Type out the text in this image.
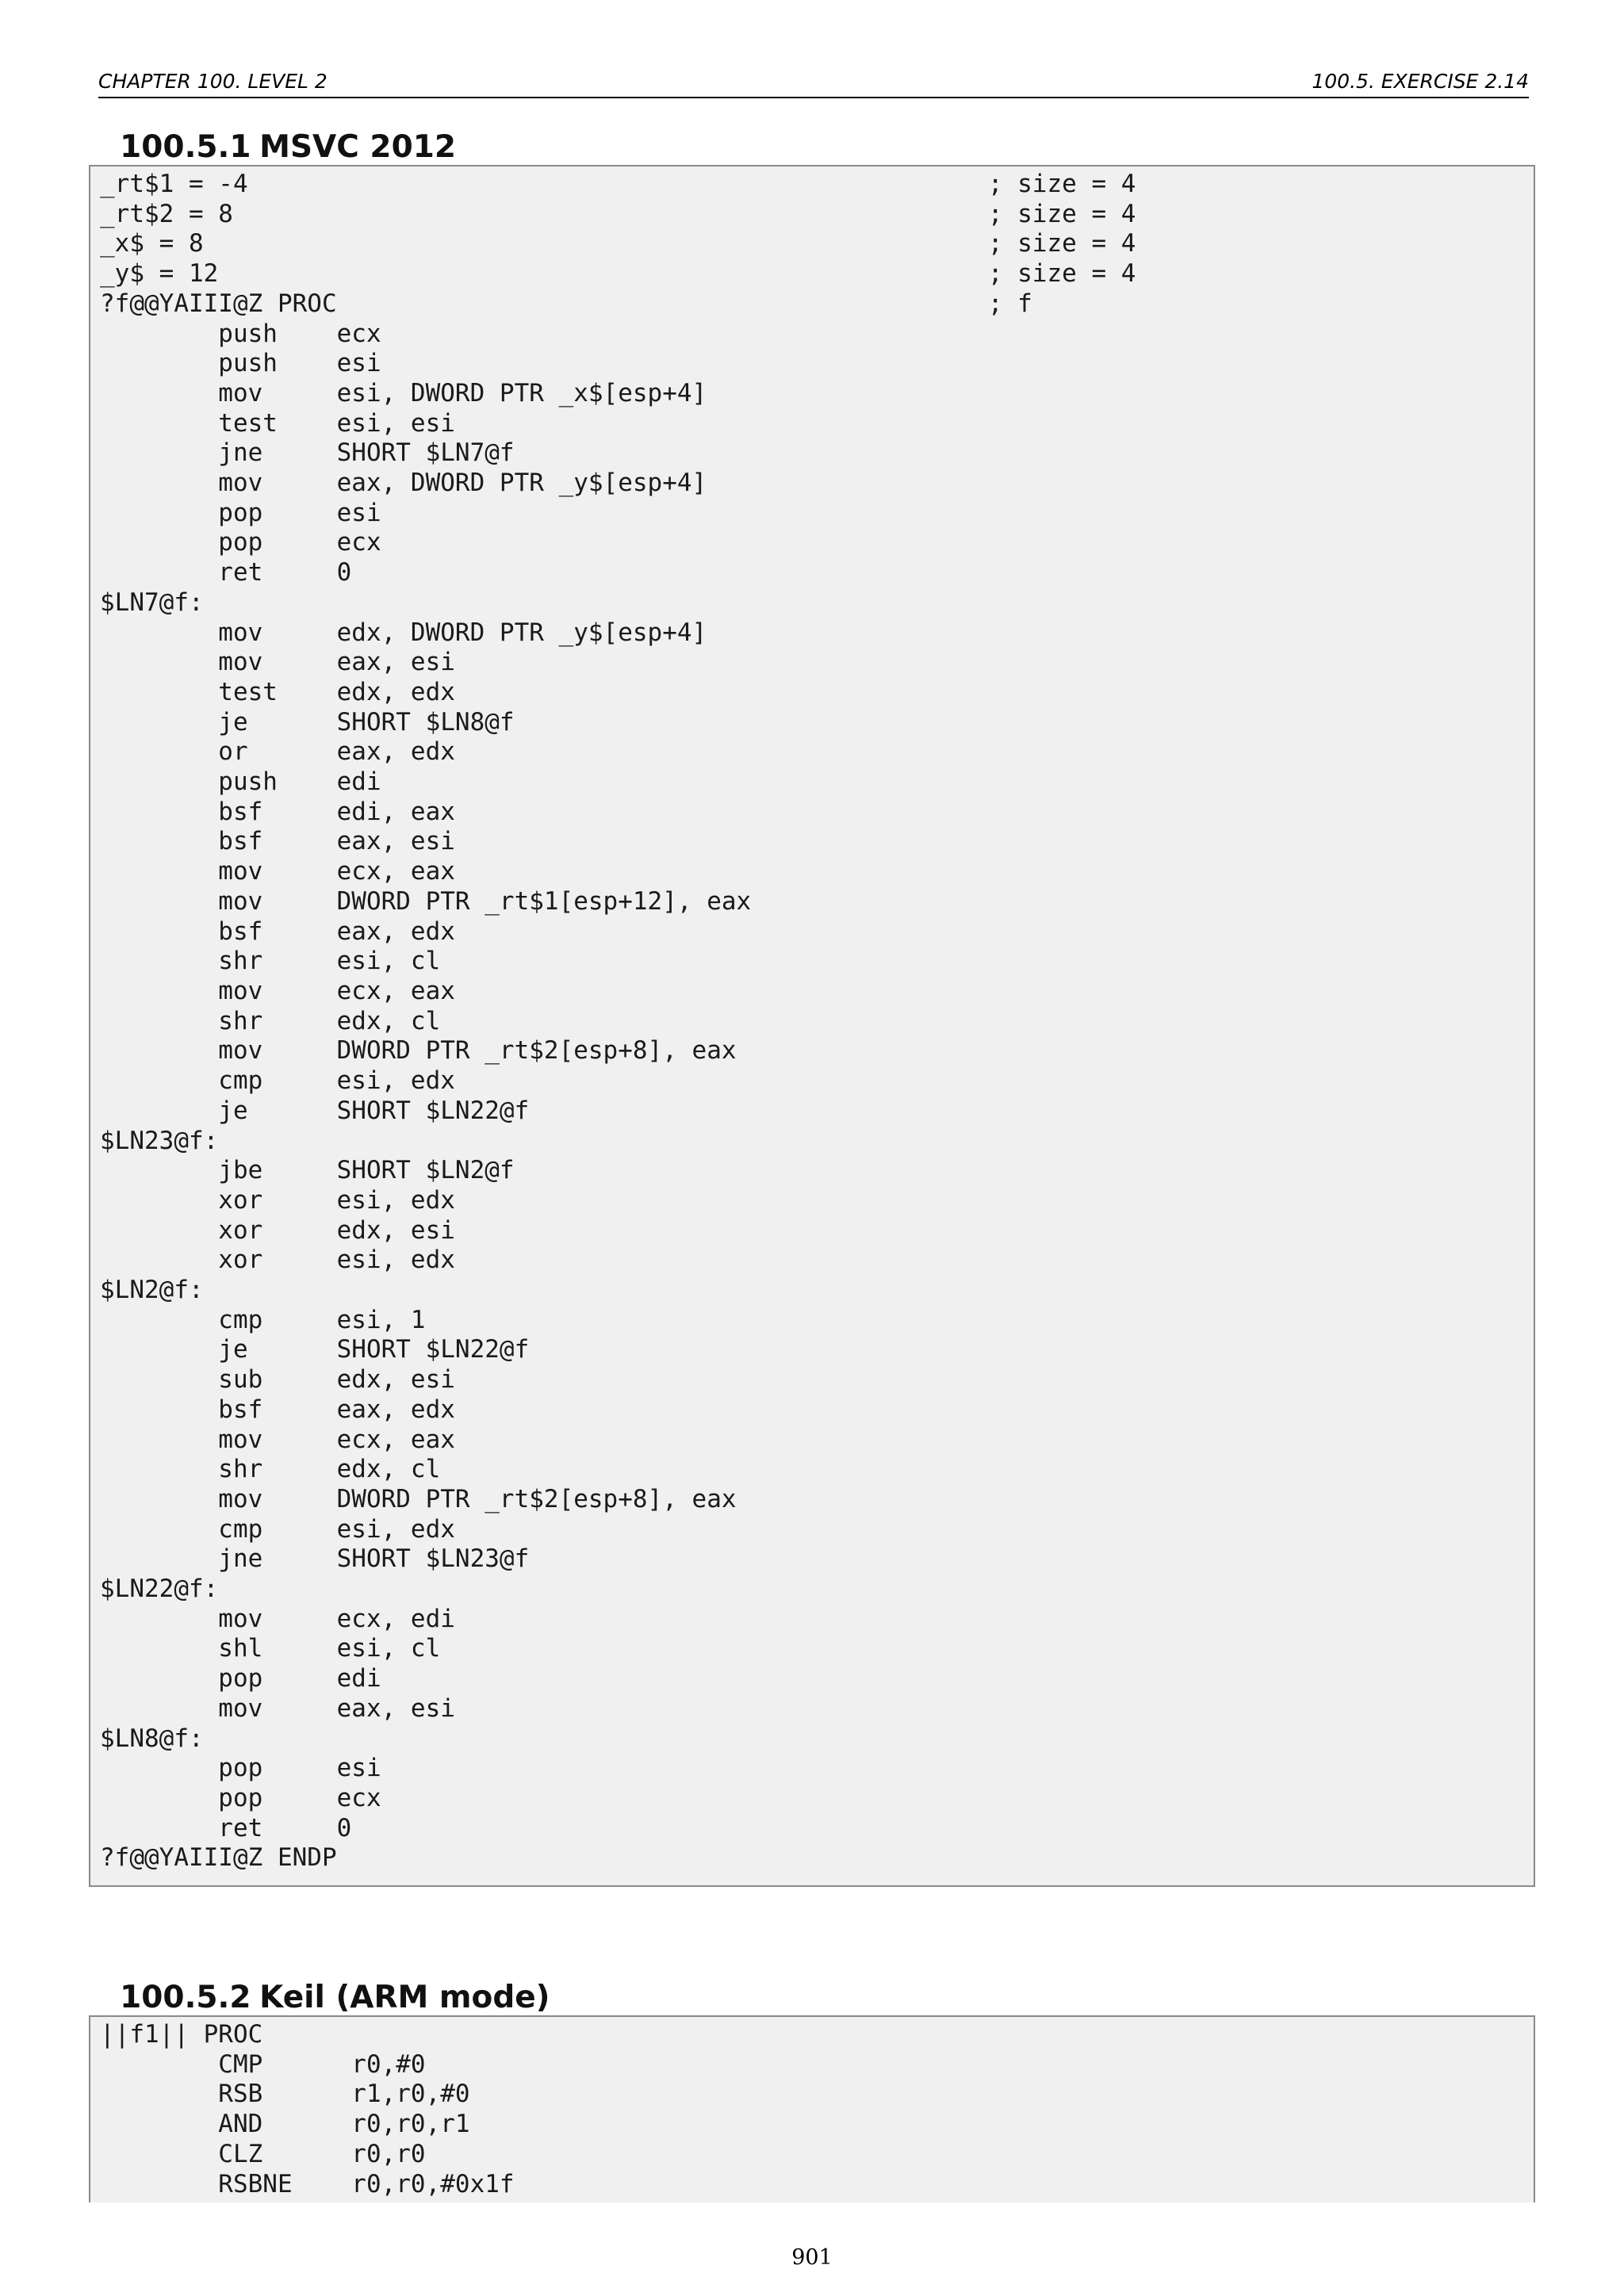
CHAPTER 100. LEVEL 2	100.5. EXERCISE 2.14

100.5.1 MSVC 2012

_rt$1 = -4                                                  ; size = 4
_rt$2 = 8                                                   ; size = 4
_x$ = 8                                                     ; size = 4
_y$ = 12                                                    ; size = 4
?f@@YAIII@Z PROC                                            ; f
push    ecx
push    esi
mov     esi, DWORD PTR _x$[esp+4]
test    esi, esi
jne     SHORT $LN7@f
mov     eax, DWORD PTR _y$[esp+4]
pop     esi
pop     ecx
ret     0
$LN7@f:
mov     edx, DWORD PTR _y$[esp+4]
mov     eax, esi
test    edx, edx
je      SHORT $LN8@f
or      eax, edx
push    edi
bsf     edi, eax
bsf     eax, esi
mov     ecx, eax
mov     DWORD PTR _rt$1[esp+12], eax
bsf     eax, edx
shr     esi, cl
mov     ecx, eax
shr     edx, cl
mov     DWORD PTR _rt$2[esp+8], eax
cmp     esi, edx
je      SHORT $LN22@f
$LN23@f:
jbe     SHORT $LN2@f
xor     esi, edx
xor     edx, esi
xor     esi, edx
$LN2@f:
cmp     esi, 1
je      SHORT $LN22@f
sub     edx, esi
bsf     eax, edx
mov     ecx, eax
shr     edx, cl
mov     DWORD PTR _rt$2[esp+8], eax
cmp     esi, edx
jne     SHORT $LN23@f
$LN22@f:
mov     ecx, edi
shl     esi, cl
pop     edi
mov     eax, esi
$LN8@f:
pop     esi
pop     ecx
ret     0
?f@@YAIII@Z ENDP

100.5.2 Keil (ARM mode)

||f1|| PROC
CMP      r0,#0
RSB      r1,r0,#0
AND      r0,r0,r1
CLZ      r0,r0
RSBNE    r0,r0,#0x1f
901
